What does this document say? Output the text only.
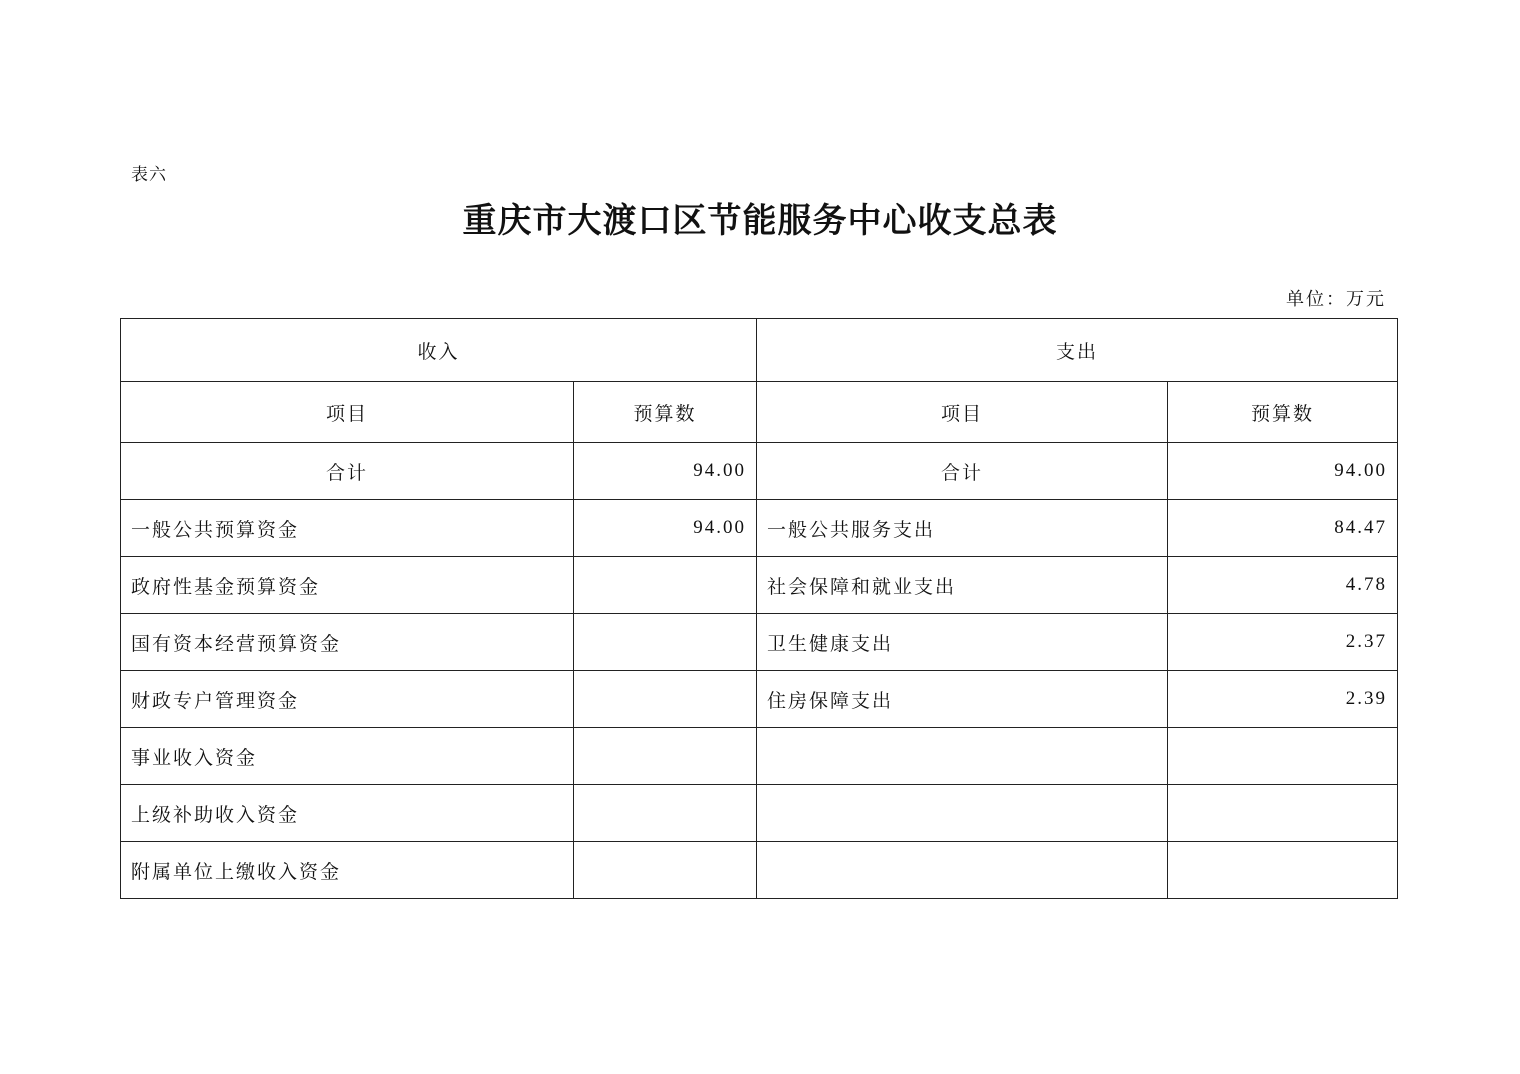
表六
重庆市大渡口区节能服务中心收支总表
单位：万元
收入		支出	
项目	预算数	项目	预算数
合计	94.00	合计	94.00
一般公共预算资金	94.00	一般公共服务支出	84.47
政府性基金预算资金		社会保障和就业支出	4.78
国有资本经营预算资金		卫生健康支出	2.37
财政专户管理资金		住房保障支出	2.39
事业收入资金			
上级补助收入资金			
附属单位上缴收入资金			
